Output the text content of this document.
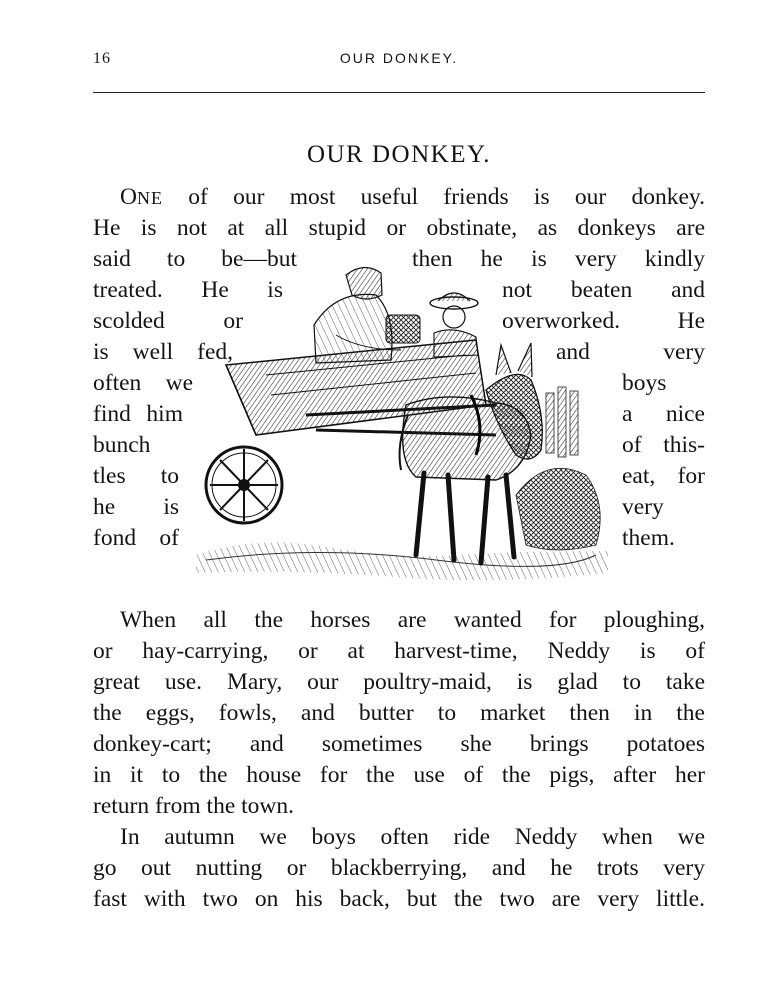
16	OUR DONKEY.
OUR DONKEY.
ONE of our most useful friends is our donkey.
He is not at all stupid or obstinate, as donkeys are
said to be—but	then he is very kindly
treated. He is	not beaten and
scolded or	overworked. He
is well fed,	and very
often we	boys
find him	a nice
bunch	of this-
tles to	eat, for
he is	very
fond of	them.
When all the horses are wanted for ploughing,
or hay-carrying, or at harvest-time, Neddy is of
great use. Mary, our poultry-maid, is glad to take
the eggs, fowls, and butter to market then in the
donkey-cart; and sometimes she brings potatoes
in it to the house for the use of the pigs, after her
return from the town.
In autumn we boys often ride Neddy when we
go out nutting or blackberrying, and he trots very
fast with two on his back, but the two are very little.
